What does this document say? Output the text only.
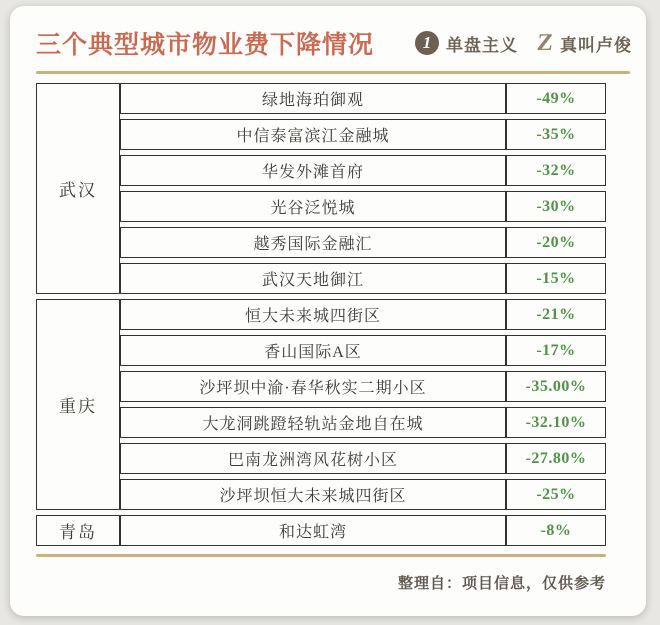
三个典型城市物业费下降情况	1 单盘主义 Z 真叫卢俊
武汉	绿地海珀御观	-49%
	中信泰富滨江金融城	-35%
	华发外滩首府	-32%
	光谷泛悦城	-30%
	越秀国际金融汇	-20%
	武汉天地御江	-15%
重庆	恒大未来城四街区	-21%
	香山国际A区	-17%
	沙坪坝中渝·春华秋实二期小区	-35.00%
	大龙洞跳蹬轻轨站金地自在城	-32.10%
	巴南龙洲湾风花树小区	-27.80%
	沙坪坝恒大未来城四街区	-25%
青岛	和达虹湾	-8%
整理自：项目信息，仅供参考
